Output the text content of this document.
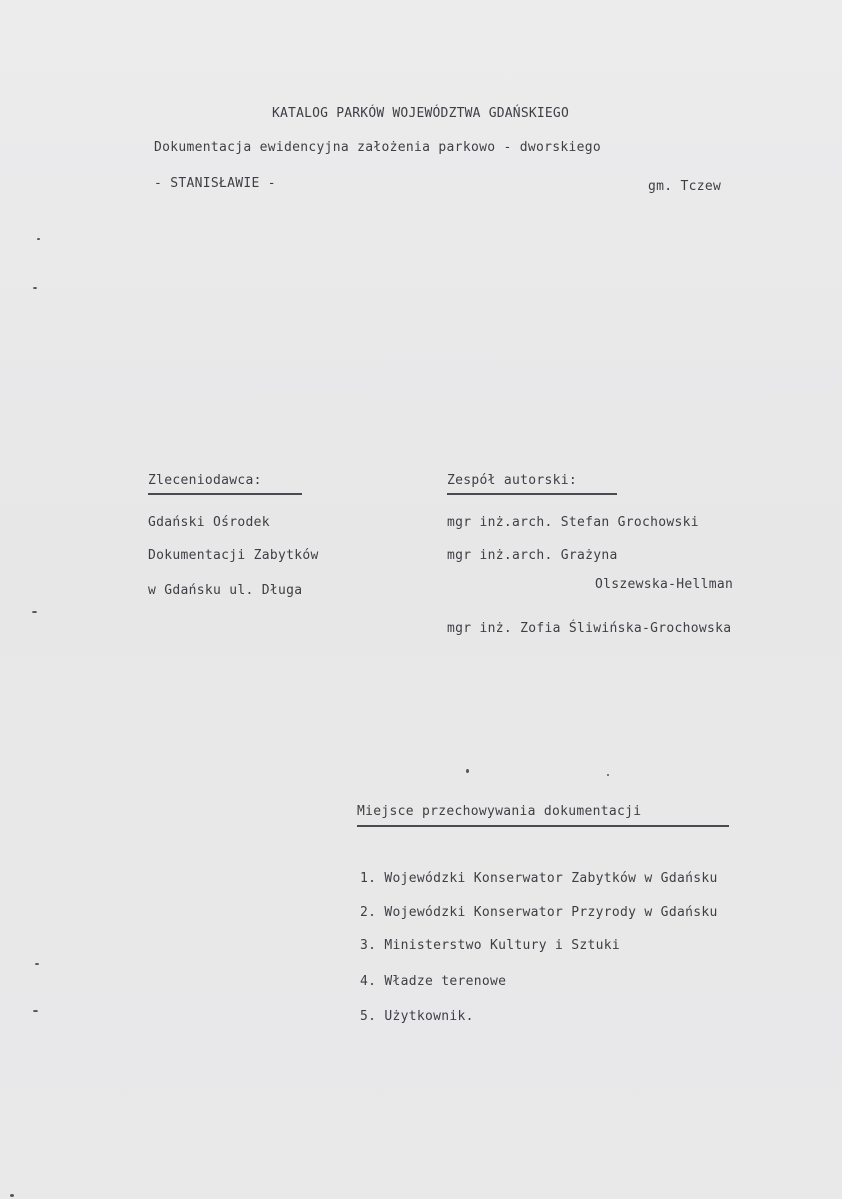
KATALOG PARKÓW WOJEWÓDZTWA GDAŃSKIEGO
Dokumentacja ewidencyjna założenia parkowo - dworskiego
- STANISŁAWIE -	gm. Tczew
Zleceniodawca:
Gdański Ośrodek
Dokumentacji Zabytków
w Gdańsku ul. Długa
Zespół autorski:
mgr inż.arch. Stefan Grochowski
mgr inż.arch. Grażyna
Olszewska-Hellman
mgr inż. Zofia Śliwińska-Grochowska
Miejsce przechowywania dokumentacji
1. Wojewódzki Konserwator Zabytków w Gdańsku
2. Wojewódzki Konserwator Przyrody w Gdańsku
3. Ministerstwo Kultury i Sztuki
4. Władze terenowe
5. Użytkownik.
